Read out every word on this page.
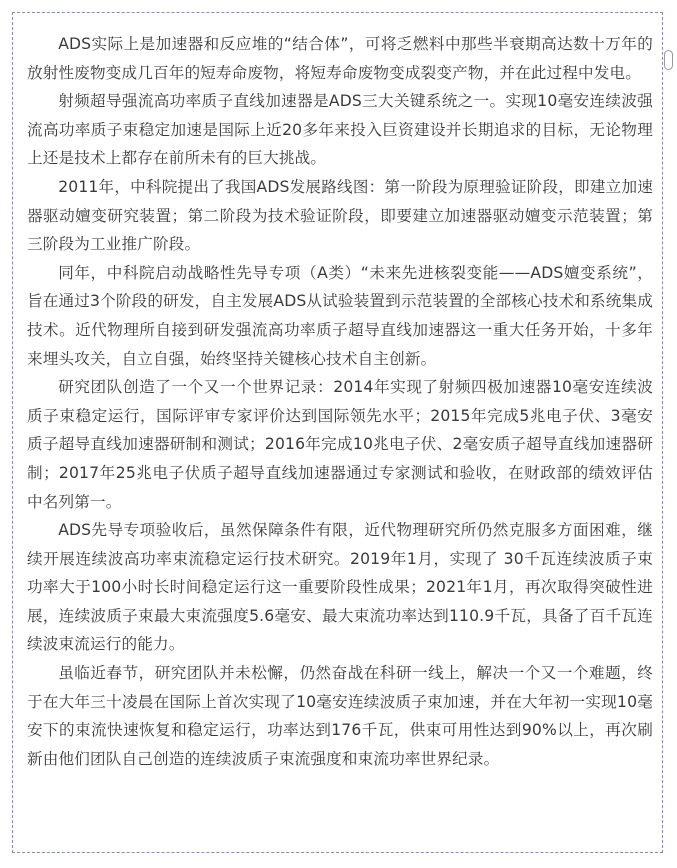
ADS实际上是加速器和反应堆的“结合体”，可将乏燃料中那些半衰期高达数十万年的放射性废物变成几百年的短寿命废物，将短寿命废物变成裂变产物，并在此过程中发电。

射频超导强流高功率质子直线加速器是ADS三大关键系统之一。实现10毫安连续波强流高功率质子束稳定加速是国际上近20多年来投入巨资建设并长期追求的目标，无论物理上还是技术上都存在前所未有的巨大挑战。

2011年，中科院提出了我国ADS发展路线图：第一阶段为原理验证阶段，即建立加速器驱动嬗变研究装置；第二阶段为技术验证阶段，即要建立加速器驱动嬗变示范装置；第三阶段为工业推广阶段。

同年，中科院启动战略性先导专项（A类）“未来先进核裂变能——ADS嬗变系统”，旨在通过3个阶段的研发，自主发展ADS从试验装置到示范装置的全部核心技术和系统集成技术。近代物理所自接到研发强流高功率质子超导直线加速器这一重大任务开始，十多年来埋头攻关，自立自强，始终坚持关键核心技术自主创新。

研究团队创造了一个又一个世界记录：2014年实现了射频四极加速器10毫安连续波质子束稳定运行，国际评审专家评价达到国际领先水平；2015年完成5兆电子伏、3毫安质子超导直线加速器研制和测试；2016年完成10兆电子伏、2毫安质子超导直线加速器研制；2017年25兆电子伏质子超导直线加速器通过专家测试和验收，在财政部的绩效评估中名列第一。

ADS先导专项验收后，虽然保障条件有限，近代物理研究所仍然克服多方面困难，继续开展连续波高功率束流稳定运行技术研究。2019年1月，实现了 30千瓦连续波质子束功率大于100小时长时间稳定运行这一重要阶段性成果；2021年1月，再次取得突破性进展，连续波质子束最大束流强度5.6毫安、最大束流功率达到110.9千瓦，具备了百千瓦连续波束流运行的能力。

虽临近春节，研究团队并未松懈，仍然奋战在科研一线上，解决一个又一个难题，终于在大年三十凌晨在国际上首次实现了10毫安连续波质子束加速，并在大年初一实现10毫安下的束流快速恢复和稳定运行，功率达到176千瓦，供束可用性达到90%以上，再次刷新由他们团队自己创造的连续波质子束流强度和束流功率世界纪录。
